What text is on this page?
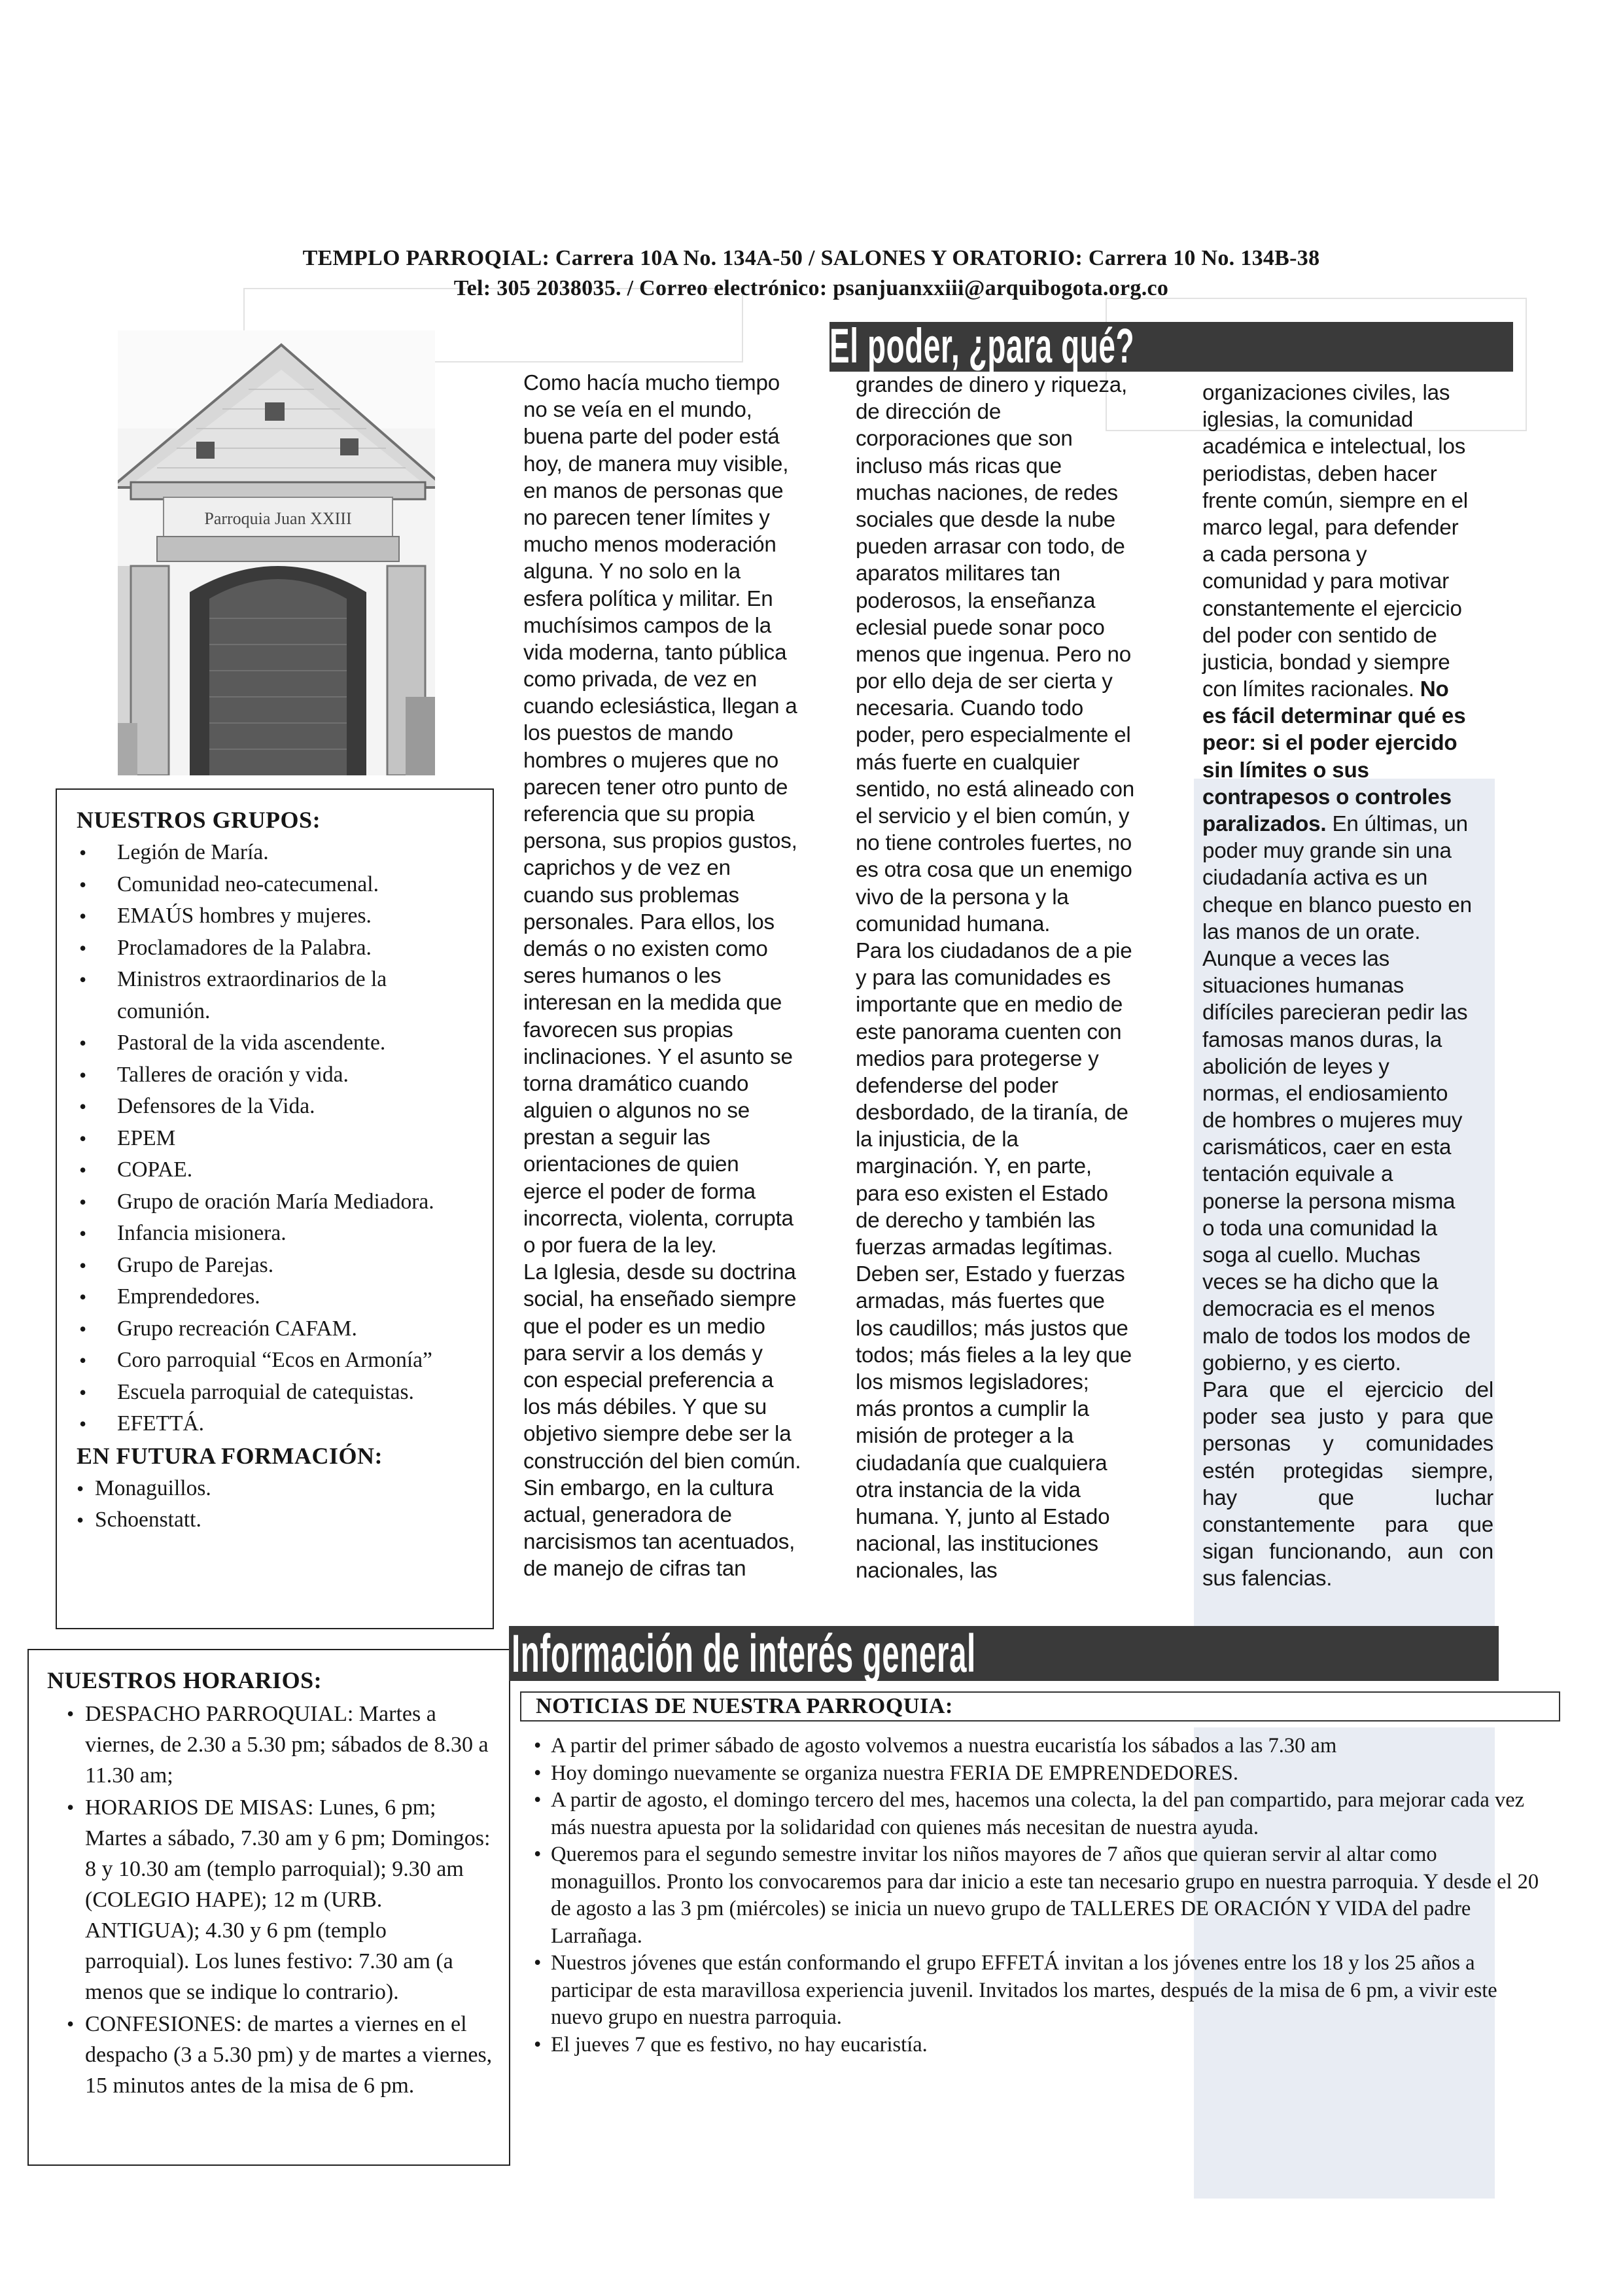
TEMPLO PARROQIAL: Carrera 10A No. 134A-50 / SALONES Y ORATORIO: Carrera 10 No. 134B-38
Tel: 305 2038035. / Correo electrónico: psanjuanxxiii@arquibogota.org.co
Parroquia Juan XXIII
El poder, ¿para qué?
Como hacía mucho tiempo
no se veía en el mundo,
buena parte del poder está
hoy, de manera muy visible,
en manos de personas que
no parecen tener límites y
mucho menos moderación
alguna. Y no solo en la
esfera política y militar. En
muchísimos campos de la
vida moderna, tanto pública
como privada, de vez en
cuando eclesiástica, llegan a
los puestos de mando
hombres o mujeres que no
parecen tener otro punto de
referencia que su propia
persona, sus propios gustos,
caprichos y de vez en
cuando sus problemas
personales. Para ellos, los
demás o no existen como
seres humanos o les
interesan en la medida que
favorecen sus propias
inclinaciones. Y el asunto se
torna dramático cuando
alguien o algunos no se
prestan a seguir las
orientaciones de quien
ejerce el poder de forma
incorrecta, violenta, corrupta
o por fuera de la ley.
La Iglesia, desde su doctrina
social, ha enseñado siempre
que el poder es un medio
para servir a los demás y
con especial preferencia a
los más débiles. Y que su
objetivo siempre debe ser la
construcción del bien común.
Sin embargo, en la cultura
actual, generadora de
narcisismos tan acentuados,
de manejo de cifras tan
grandes de dinero y riqueza,
de dirección de
corporaciones que son
incluso más ricas que
muchas naciones, de redes
sociales que desde la nube
pueden arrasar con todo, de
aparatos militares tan
poderosos, la enseñanza
eclesial puede sonar poco
menos que ingenua. Pero no
por ello deja de ser cierta y
necesaria. Cuando todo
poder, pero especialmente el
más fuerte en cualquier
sentido, no está alineado con
el servicio y el bien común, y
no tiene controles fuertes, no
es otra cosa que un enemigo
vivo de la persona y la
comunidad humana.
Para los ciudadanos de a pie
y para las comunidades es
importante que en medio de
este panorama cuenten con
medios para protegerse y
defenderse del poder
desbordado, de la tiranía, de
la injusticia, de la
marginación. Y, en parte,
para eso existen el Estado
de derecho y también las
fuerzas armadas legítimas.
Deben ser, Estado y fuerzas
armadas, más fuertes que
los caudillos; más justos que
todos; más fieles a la ley que
los mismos legisladores;
más prontos a cumplir la
misión de proteger a la
ciudadanía que cualquiera
otra instancia de la vida
humana. Y, junto al Estado
nacional, las instituciones
nacionales, las
organizaciones civiles, las
iglesias, la comunidad
académica e intelectual, los
periodistas, deben hacer
frente común, siempre en el
marco legal, para defender
a cada persona y
comunidad y para motivar
constantemente el ejercicio
del poder con sentido de
justicia, bondad y siempre
con límites racionales. No
es fácil determinar qué es
peor: si el poder ejercido
sin límites o sus
contrapesos o controles
paralizados. En últimas, un
poder muy grande sin una
ciudadanía activa es un
cheque en blanco puesto en
las manos de un orate.
Aunque a veces las
situaciones humanas
difíciles parecieran pedir las
famosas manos duras, la
abolición de leyes y
normas, el endiosamiento
de hombres o mujeres muy
carismáticos, caer en esta
tentación equivale a
ponerse la persona misma
o toda una comunidad la
soga al cuello. Muchas
veces se ha dicho que la
democracia es el menos
malo de todos los modos de
gobierno, y es cierto.
Para que el ejercicio del
poder sea justo y para que
personas y comunidades
estén protegidas siempre,
hay que luchar
constantemente para que
sigan funcionando, aun con
sus falencias.
NUESTROS GRUPOS:
• Legión de María.
• Comunidad neo-catecumenal.
• EMAÚS hombres y mujeres.
• Proclamadores de la Palabra.
• Ministros extraordinarios de la comunión.
• Pastoral de la vida ascendente.
• Talleres de oración y vida.
• Defensores de la Vida.
• EPEM
• COPAE.
• Grupo de oración María Mediadora.
• Infancia misionera.
• Grupo de Parejas.
• Emprendedores.
• Grupo recreación CAFAM.
• Coro parroquial “Ecos en Armonía”
• Escuela parroquial de catequistas.
• EFETTÁ.
EN FUTURA FORMACIÓN:
• Monaguillos.
• Schoenstatt.
NUESTROS HORARIOS:
• DESPACHO PARROQUIAL: Martes a viernes, de 2.30 a 5.30 pm; sábados de 8.30 a 11.30 am;
• HORARIOS DE MISAS: Lunes, 6 pm; Martes a sábado, 7.30 am y 6 pm; Domingos: 8 y 10.30 am (templo parroquial); 9.30 am (COLEGIO HAPE); 12 m (URB. ANTIGUA); 4.30 y 6 pm (templo parroquial). Los lunes festivo: 7.30 am (a menos que se indique lo contrario).
• CONFESIONES: de martes a viernes en el despacho (3 a 5.30 pm) y de martes a viernes, 15 minutos antes de la misa de 6 pm.
Información de interés general
NOTICIAS DE NUESTRA PARROQUIA:
• A partir del primer sábado de agosto volvemos a nuestra eucaristía los sábados a las 7.30 am
• Hoy domingo nuevamente se organiza nuestra FERIA DE EMPRENDEDORES.
• A partir de agosto, el domingo tercero del mes, hacemos una colecta, la del pan compartido, para mejorar cada vez más nuestra apuesta por la solidaridad con quienes más necesitan de nuestra ayuda.
• Queremos para el segundo semestre invitar los niños mayores de 7 años que quieran servir al altar como monaguillos. Pronto los convocaremos para dar inicio a este tan necesario grupo en nuestra parroquia. Y desde el 20 de agosto a las 3 pm (miércoles) se inicia un nuevo grupo de TALLERES DE ORACIÓN Y VIDA del padre Larrañaga.
• Nuestros jóvenes que están conformando el grupo EFFETÁ invitan a los jóvenes entre los 18 y los 25 años a participar de esta maravillosa experiencia juvenil. Invitados los martes, después de la misa de 6 pm, a vivir este nuevo grupo en nuestra parroquia.
• El jueves 7 que es festivo, no hay eucaristía.
